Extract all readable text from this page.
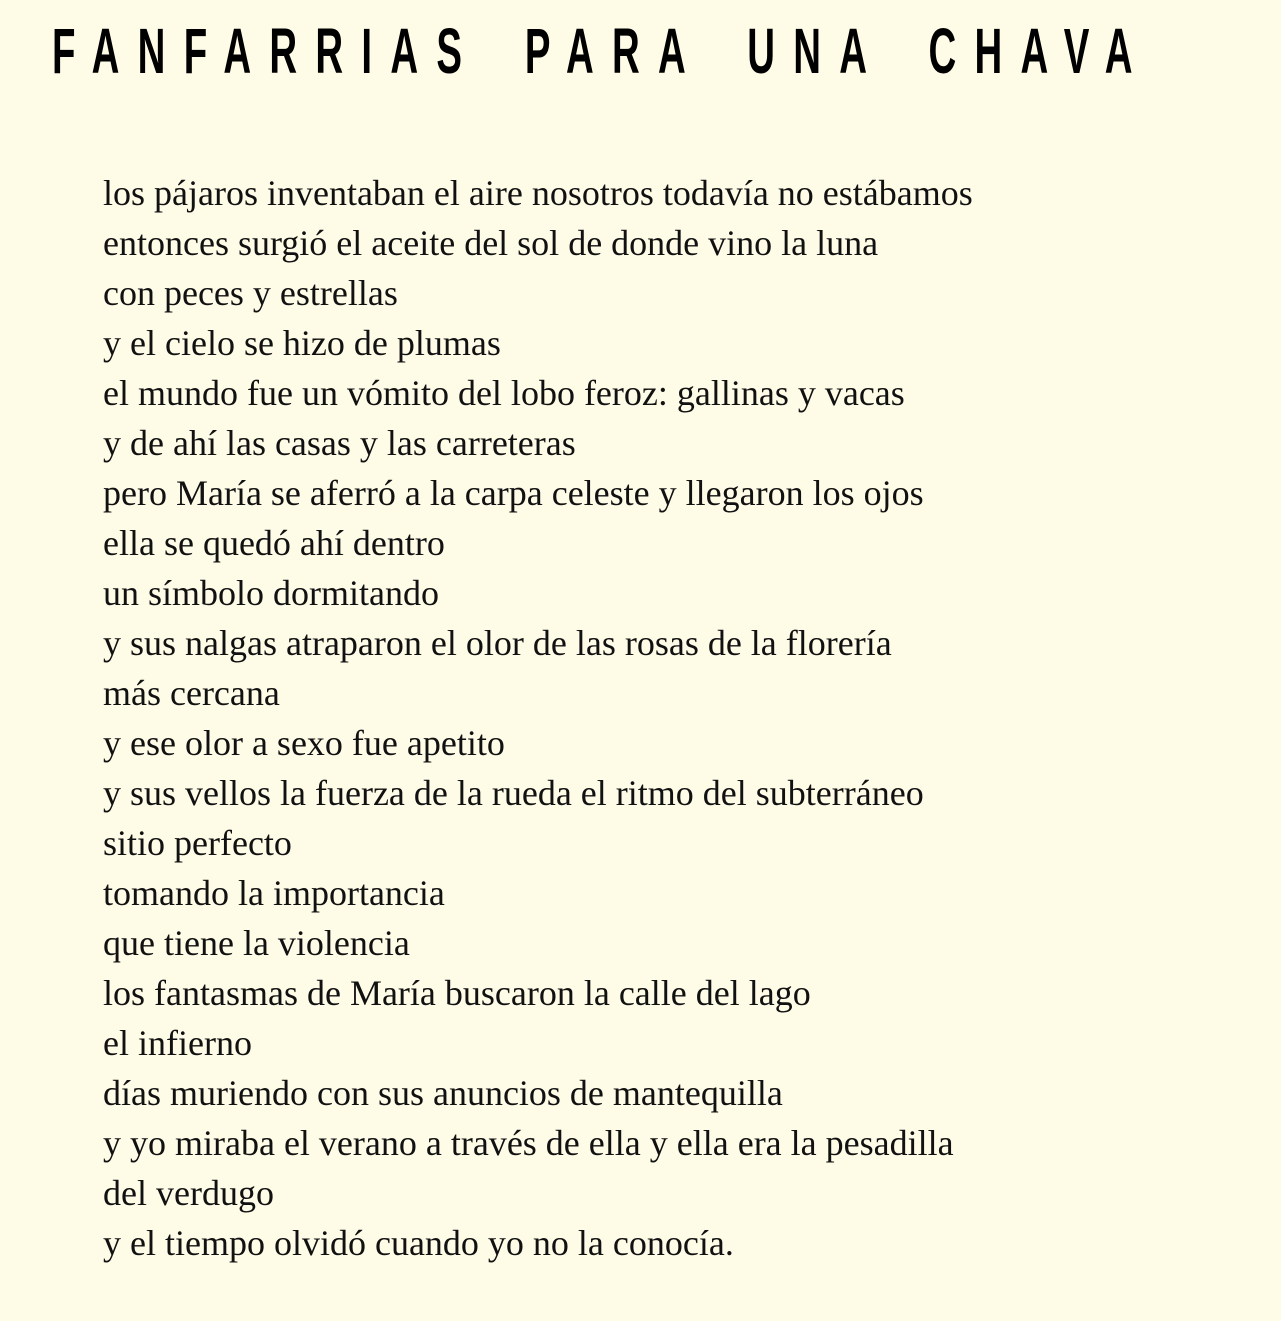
FANFARRIAS PARA UNA CHAVA
los pájaros inventaban el aire nosotros todavía no estábamos
entonces surgió el aceite del sol de donde vino la luna
con peces y estrellas
y el cielo se hizo de plumas
el mundo fue un vómito del lobo feroz: gallinas y vacas
y de ahí las casas y las carreteras
pero María se aferró a la carpa celeste y llegaron los ojos
ella se quedó ahí dentro
un símbolo dormitando
y sus nalgas atraparon el olor de las rosas de la florería
más cercana
y ese olor a sexo fue apetito
y sus vellos la fuerza de la rueda el ritmo del subterráneo
sitio perfecto
tomando la importancia
que tiene la violencia
los fantasmas de María buscaron la calle del lago
el infierno
días muriendo con sus anuncios de mantequilla
y yo miraba el verano a través de ella y ella era la pesadilla
del verdugo
y el tiempo olvidó cuando yo no la conocía.
